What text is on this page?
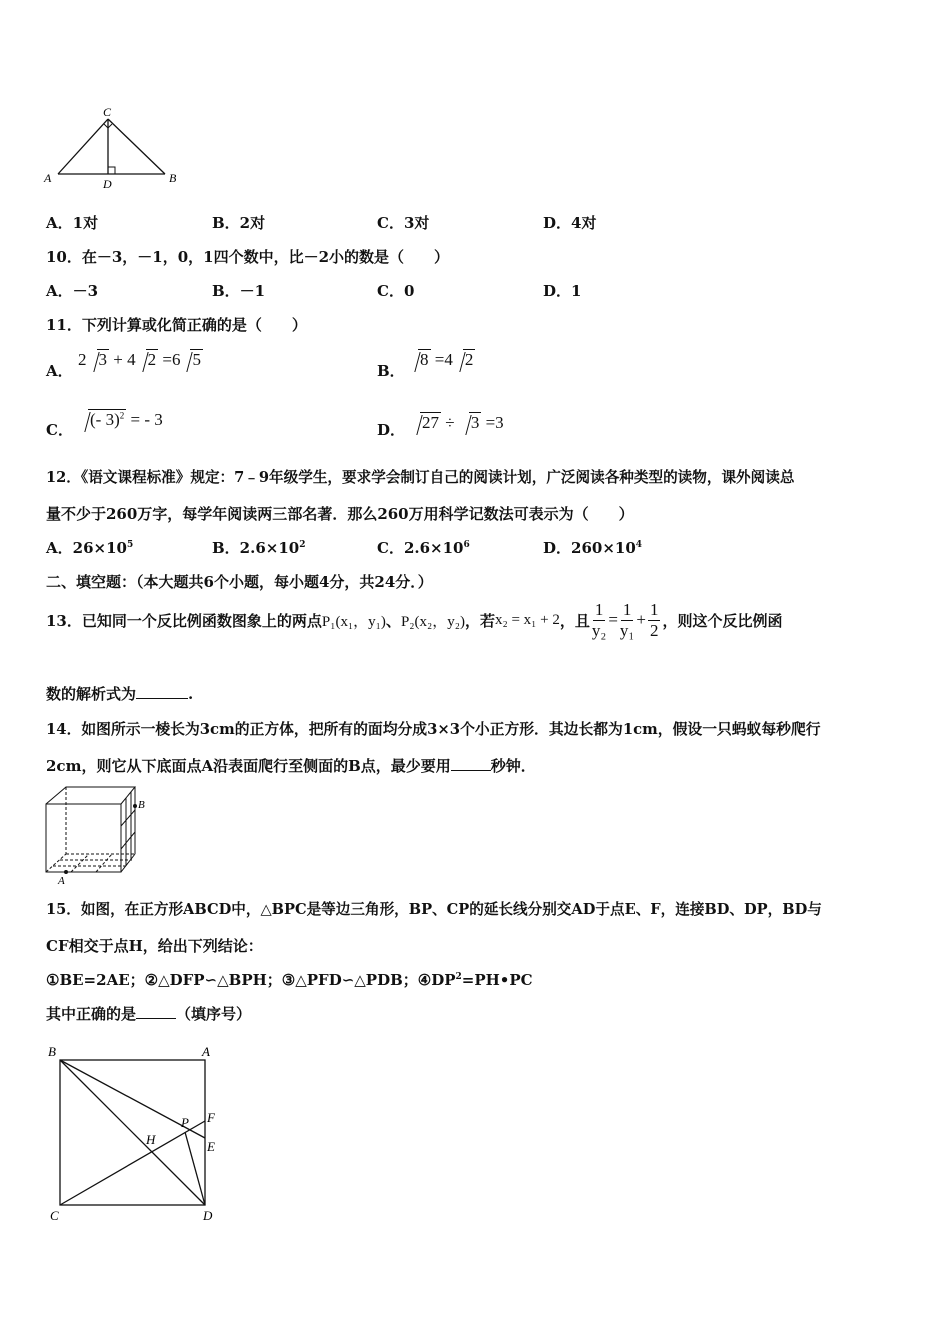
C
A	D	B
A．1对	B．2对	C．3对	D．4对
10．在－3，－1，0，1四个数中，比－2小的数是（　　）
A．－3	B．－1	C．0	D．1
11．下列计算或化简正确的是（　　）
A．
2 3 + 4 2 =6 5
B．
8 =4 2
C．
(- 3)$^2$ = - 3
D． 27 ÷ 3 =3
12．《语文课程标准》规定：7﹣9年级学生，要求学会制订自己的阅读计划，广泛阅读各种类型的读物，课外阅读总
量不少于260万字，每学年阅读两三部名著．那么260万用科学记数法可表示为（　　）
A．$26\times 10^5$	B．$2.6\times 10^2$	C．$2.6\times 10^6$	D．$260\times 10^4$
二、填空题：（本大题共6个小题，每小题4分，共24分．）
13．已知同一个反比例函数图象上的两点 P₁(x₁，y₁) 、 P₂(x₂，y₂) ，若 x₂ = x₁ + 2 ，且 $\frac{1}{\text{y₂}} = \frac{1}{\text{y₁}} + \frac{1}{2}$ ，则这个反比例函
数的解析式为	.
14．如图所示一棱长为3cm的正方体，把所有的面均分成3×3个小正方形．其边长都为1cm，假设一只蚂蚁每秒爬行
2cm，则它从下底面点A沿表面爬行至侧面的B点，最少要用	秒钟．
B
A
15．如图，在正方形ABCD中，△BPC是等边三角形，BP、CP的延长线分别交AD于点E、F，连接BD、DP，BD与
CF相交于点H，给出下列结论：
①BE=2AE；②△DFP∽△BPH；③△PFD∽△PDB；$④DP^2=PH•PC$
其中正确的是	（填序号）
B	A
C	D
P
H
F
E
